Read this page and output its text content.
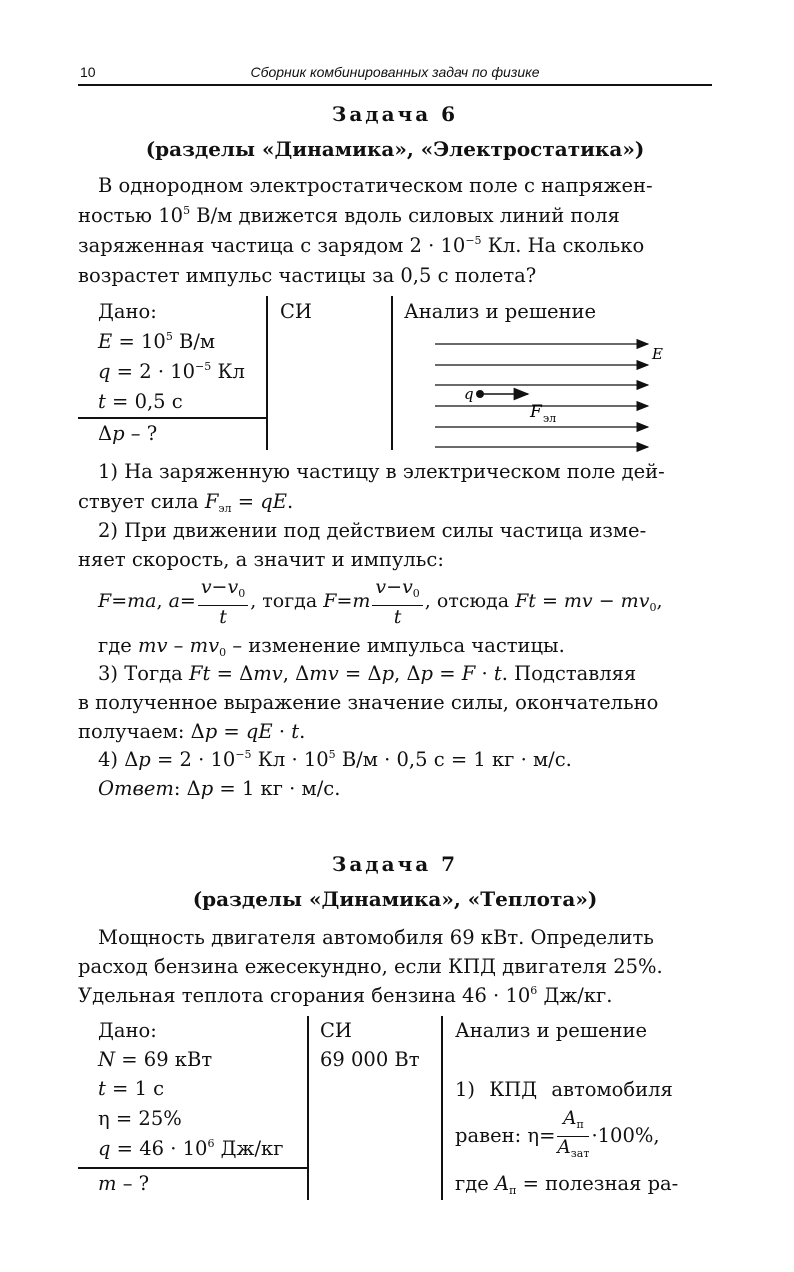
10	Сборник комбинированных задач по физике
Задача 6
(разделы «Динамика», «Электростатика»)
В однородном электростатическом поле с напряжен-
ностью $10^5$ В/м движется вдоль силовых линий поля
заряженная частица с зарядом $2 \cdot 10^{-5}$ Кл. На сколько
возрастет импульс частицы за 0,5 с полета?
Дано:	СИ	Анализ и решение
$E = 10^5$ В/м
$q = 2 \cdot 10^{-5}$ Кл
t = 0,5 с
Δp – ?
E
q
F эл
1) На заряженную частицу в электрическом поле дей-
ствует сила $F_{эл}$ = qE.
2) При движении под действием силы частица изме-
няет скорость, а значит и импульс:
F=ma, $a= \frac{v-v_0}{t}$ , тогда $F=m \frac{v-v_0}{t}$ , отсюда Ft = mv − $mv_0$,
где mv – $mv_0$ – изменение импульса частицы.
3) Тогда Ft = Δmv, Δmv = Δp, Δp = F · t. Подставляя
в полученное выражение значение силы, окончательно
получаем: Δp = qE · t.
4) $\Delta p = 2 \cdot 10^{-5}$ Кл · $10^5$ В/м · 0,5 с = 1 кг · м/с.
Ответ: Δp = 1 кг · м/с.
Задача 7
(разделы «Динамика», «Теплота»)
Мощность двигателя автомобиля 69 кВт. Определить
расход бензина ежесекундно, если КПД двигателя 25%.
Удельная теплота сгорания бензина $46 \cdot 10^6$ Дж/кг.
Дано:	СИ	Анализ и решение
N = 69 кВт	69 000 Вт
t = 1 с
η = 25%
$q = 46 \cdot 10^6$ Дж/кг
m – ?
1) КПД автомобиля
равен: $\eta= \frac{A_п}{A_{зат}} \cdot 100\%$,
где $A_п$ = полезная ра-
